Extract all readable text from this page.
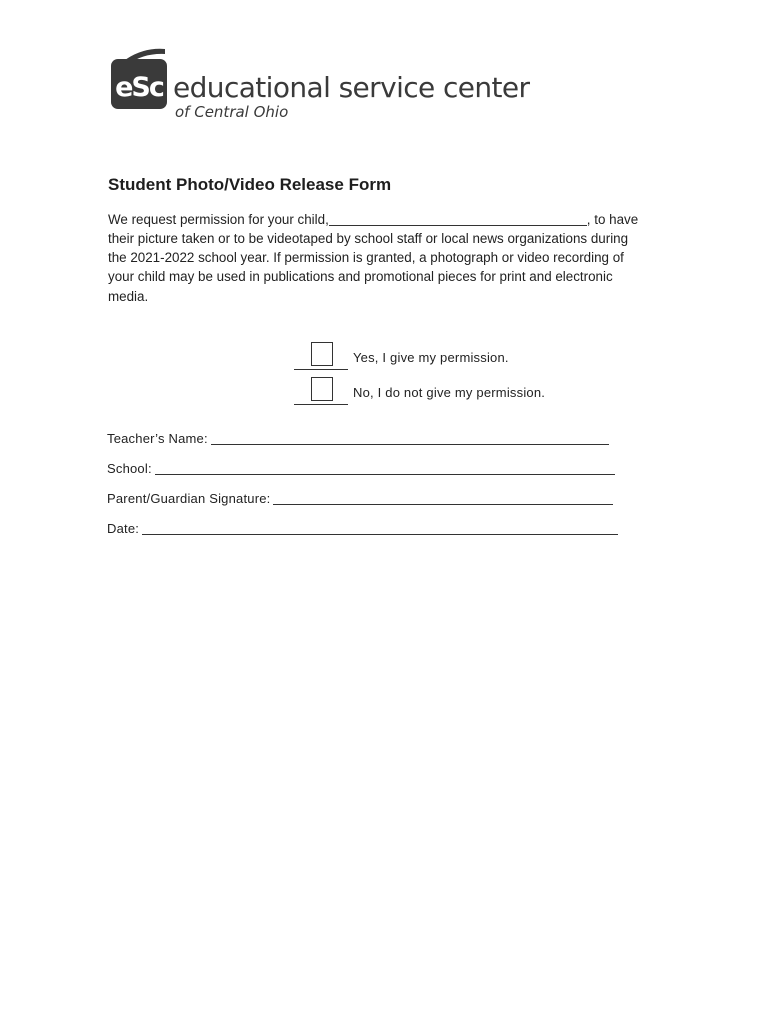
eSc educational service center
of Central Ohio
Student Photo/Video Release Form
We request permission for your child,	, to have
their picture taken or to be videotaped by school staff or local news organizations during
the 2021-2022 school year. If permission is granted, a photograph or video recording of
your child may be used in publications and promotional pieces for print and electronic
media.
Yes, I give my permission.
No, I do not give my permission.
Teacher’s Name:
School:
Parent/Guardian Signature:
Date:
